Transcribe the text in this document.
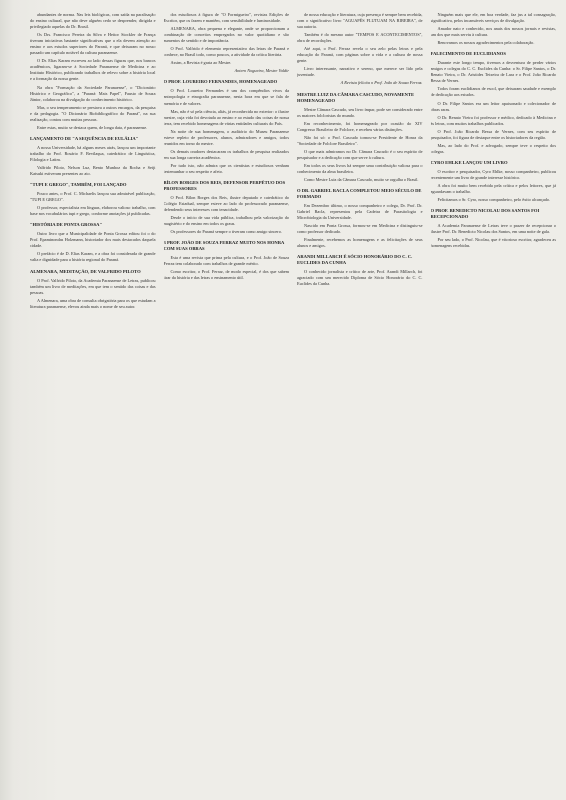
abundantes de norma. Nas leis biológicas, com saída na paralisação do ensino cultural, que não deve alguém cedo se desprender, dirigida e privilegiado aquelas do Dr. Brasil.

Os Drs. Francisco Pereira da Silva e Heitor Stockler de França tiveram iniciativas bastante significativas que a ela devem atenção ao ensino e aos estudos superiores do Paraná, e que deixaram no nosso passado um capítulo notável da cultura paranaense.

O Dr. Elias Karam escreveu ao lado dessas figuras que, nos bancos acadêmicos, ligaram-se à Sociedade Paranaense de Medicina e ao Instituto Histórico, publicando trabalhos de relevo sobre a história local e a formação da nossa gente.

Na obra "Formação da Sociedade Paranaense", o "Dicionário Histórico e Geográfico", a "Paraná: Mais Papel", Fausto de Souza Júnior, colaborou na divulgação do conhecimento histórico.

Mas, o seu temperamento se prestava a outros encargos, da pesquisa e da pedagogia. "O Dicionário Biobibliográfico do Paraná", na sua realização, contou com muitas pessoas.

Entre estas, muito se destaca quem, de longa data, é paranaense.

LANÇAMENTO DE "A SEQUÊNCIA DE EULÁLIA"

A nossa Universidade, há alguns meses atrás, lançou um importante trabalho do Prof. Rosário F. Bevilaqua, catedrático de Linguística, Filologia e Latim.

Valfrido Piloto, Nelson Luz, Bento Munhoz da Rocha e Seiji Katsuki estiveram presentes ao ato.

"TUPI E GREGO", TAMBÉM, FOI LANÇADO

Pouco antes, o Prof. C. Michaelis lançou sua admirável publicação, "TUPI E GREGO".

O professor, especialista em línguas, elaborou valioso trabalho, com base nos vocabulários tupi e grego, conforme anotações já publicadas.

"HISTÓRIA DE PONTA GROSSA"

Outro livro que a Municipalidade de Ponta Grossa editou foi o do Prof. Epaminondas Holzmann, historiador dos mais destacados daquela cidade.

O prefácio é de D. Elias Karam, e a obra foi considerada de grande valia e dignidade para a história regional do Paraná.

ALMENARA, MEDITAÇÃO, DE VALFRIDO PILOTO

O Prof. Valfrido Piloto, da Academia Paranaense de Letras, publicou também um livro de meditações, em que tem o sentido das coisas e das pessoas.

A Almenara, uma obra de consulta obrigatória para os que estudam a literatura paranaense, elevou ainda mais o nome de seu autor.

dos estudiosos à figura de "O Formigueiro", revistas Edições de Escritor, que os fazem e mantêm, com sensibilidade e luminosidade.

ALMENARA, obra pequena e elegante, onde se proporcionam a combinação de conceitos empregados no valor quotidiano e são aumentos de sentido e de importância.

O Prof. Valfrido é elemento representativo das letras de Paraná e conhece, no Brasil todo, como poucos, a atividade da crítica literária.

Assim, a Revista é grata ao Mestre.

Antero Nogueira, Mestre Valdir

O PROF. LOUREIRO FERNANDES, HOMENAGEADO

O Prof. Loureiro Fernandes é um dos compêndios vivos da antropologia e etnografia paranaense, nesta hora em que se fala de memória e de valores.

Mas, não é só pela ciência, aliás, já reconhecida no exterior: o ilustre mestre, cuja vida foi devotada ao ensino e ao estudo das coisas de nossa terra, tem recebido homenagens de várias entidades culturais do País.

Na noite de sua homenagem, o auditório do Museu Paranaense esteve repleto de professores, alunos, admiradores e amigos, todos reunidos em torno do mestre.

Os demais oradores destacaram os trabalhos de pesquisa realizados em sua longa carreira acadêmica.

Por tudo isto, não admira que os cientistas e estudiosos venham testemunhar o seu respeito e afeto.

BÍLON BORGES DOS REIS, DEFENSOR PERPÉTUO DOS PROFESSORES

O Prof. Bílon Borges dos Reis, ilustre deputado e catedrático do Colégio Estadual, sempre esteve ao lado do professorado paranaense, defendendo seus interesses com tenacidade.

Desde o início de sua vida pública, trabalhou pela valorização do magistério e do ensino em todos os graus.

Os professores do Paraná sempre o tiveram como amigo sincero.

3 PROF. JOÃO DE SOUZA FERRAZ MUITO NOS HONRA COM SUAS OBRAS

Esta é uma revista que prima pela cultura, e o Prof. João de Souza Ferraz tem colaborado com trabalhos de grande mérito.

Como escritor, o Prof. Ferraz, de modo especial, é dos que sabem tirar da história e das letras o ensinamento útil.

de nossa educação e literatura, cuja presença é sempre bem recebida, com o significativo livro "AGUAPÉS FLUTUAM NA RIBEIRA", de sua autoria.

Também é do mesmo autor "TEMPOS E ACONTECIMENTOS", obra de recordações.

Até aqui, o Prof. Ferraz revela o seu zelo pelas letras e pela educação do Paraná, com páginas sobre a vida e a cultura de nossa gente.

Livro interessante, narrativo e sereno, que merece ser lido pela juventude.

A Revista felicita o Prof. João de Souza Ferraz.

MESTRE LUIZ DA CÂMARA CASCUDO, NOVAMENTE HOMENAGEADO

Mestre Câmara Cascudo, seu livro ímpar, pode ser considerado entre os maiores folcloristas do mundo.

Em reconhecimento, foi homenageado por ocasião do XIV Congresso Brasileiro de Folclore, e recebeu várias distinções.

Não foi só: o Prof. Cascudo tornou-se Presidente de Honra da "Sociedade de Folclore Brasileiro".

O que mais admiramos no Dr. Câmara Cascudo é o seu espírito de pesquisador e a dedicação com que serve à cultura.

Em todos os seus livros há sempre uma contribuição valiosa para o conhecimento da alma brasileira.

Como Mestre Luiz da Câmara Cascudo, muito se orgulha o Brasil.

O DR. GABRIEL RACLA COMPLETOU MEIO SÉCULO DE FORMADO

Em Dezembro último, o nosso companheiro e colega, Dr. Prof. Dr. Gabriel Racla, representou pela Cadeira de Parasitologia e Microbiologia da Universidade.

Nascido em Ponta Grossa, formou-se em Medicina e distinguiu-se como professor dedicado.

Finalmente, recebemos as homenagens e as felicitações de seus alunos e amigos.

ARANDI MILLARCH É SÓCIO HONORÁRIO DO C. C. EUCLIDES DA CUNHA

O conhecido jornalista e crítico de arte, Prof. Arandi Millarch, foi agraciado com um merecido Diploma de Sócio Honorário do C. C. Euclides da Cunha.

Ninguém mais que ele, em boa verdade, faz jus a tal consagração, significativa, pelos incansáveis serviços de divulgação.

Amador nato e conhecido, nos anais dos nossos jornais e revistas, um dos que mais serviu à cultura.

Renovamos os nossos agradecimentos pela colaboração.

FALECIMENTO DE EUCLIDIANOS

Durante este longo tempo, tivemos a desventura de perder vários amigos e colegas do C. C. Euclides da Cunha: o Sr. Filipe Santos, o Dr. Renato Vieira, o Dr. Aristides Teixeira de Lara e o Prof. João Ricardo Bessa de Vernes.

Todos foram euclidianos de escol, que deixaram saudade e exemplo de dedicação aos estudos.

O Dr. Filipe Santos era um leitor apaixonado e colecionador de obras raras.

O Dr. Renato Vieira foi professor e médico, dedicado à Medicina e às letras, com muitos trabalhos publicados.

O Prof. João Ricardo Bessa de Vernes, com seu espírito de pesquisador, foi figura de destaque entre os historiadores da região.

Mas, ao lado do Prof. e advogado, sempre teve o respeito dos colegas.

CYRO EHLKE LANÇOU UM LIVRO

O escritor e pesquisador, Cyro Ehlke, nosso companheiro, publicou recentemente um livro de grande interesse histórico.

A obra foi muito bem recebida pela crítica e pelos leitores, que já aguardavam o trabalho.

Felicitamos o Sr. Cyro, nosso companheiro, pelo êxito alcançado.

O PROF. BENEDICTO NICOLAU DOS SANTOS FOI RECEPCIONADO

A Academia Paranaense de Letras teve o prazer de recepcionar o ilustre Prof. Dr. Benedicto Nicolau dos Santos, em uma noite de gala.

Por seu lado, o Prof. Nicolau, que é vitorioso escritor, agradeceu as homenagens recebidas.
